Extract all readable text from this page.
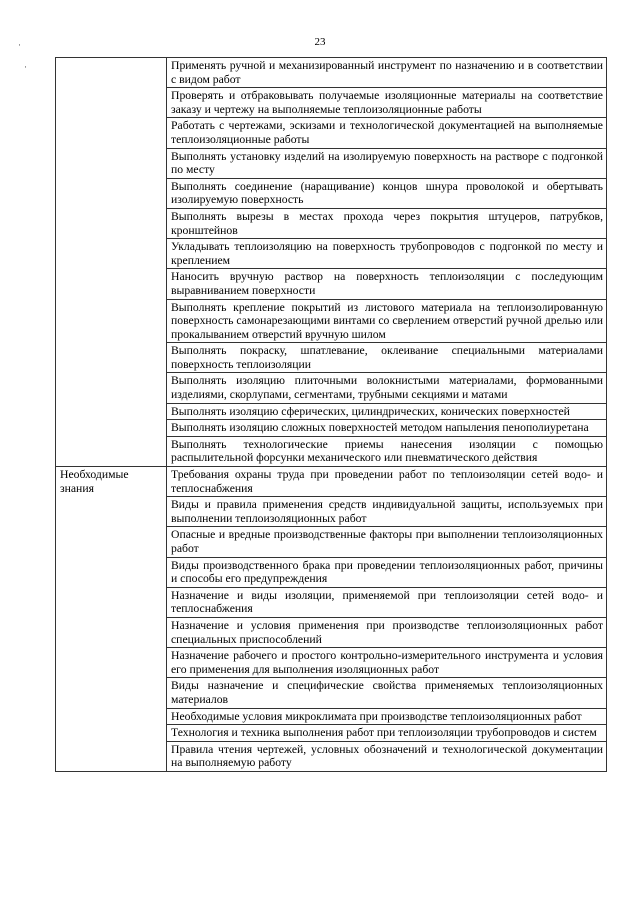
23
·
·
		Применять ручной и механизированный инструмент по назначению и в соответствии с видом работ
	Проверять и отбраковывать получаемые изоляционные материалы на соответствие заказу и чертежу на выполняемые теплоизоляционные работы
	Работать с чертежами, эскизами и технологической документацией на выполняемые теплоизоляционные работы
	Выполнять установку изделий на изолируемую поверхность на растворе с подгонкой по месту
	Выполнять соединение (наращивание) концов шнура проволокой и обертывать изолируемую поверхность
	Выполнять вырезы в местах прохода через покрытия штуцеров, патрубков, кронштейнов
	Укладывать теплоизоляцию на поверхность трубопроводов с подгонкой по месту и креплением
	Наносить вручную раствор на поверхность теплоизоляции с последующим выравниванием поверхности
	Выполнять крепление покрытий из листового материала на теплоизолированную поверхность самонарезающими винтами со сверлением отверстий ручной дрелью или прокалыванием отверстий вручную шилом
	Выполнять покраску, шпатлевание, оклеивание специальными материалами поверхность теплоизоляции
	Выполнять изоляцию плиточными волокнистыми материалами, формованными изделиями, скорлупами, сегментами, трубными секциями и матами
	Выполнять изоляцию сферических, цилиндрических, конических поверхностей
	Выполнять изоляцию сложных поверхностей методом напыления пенополиуретана
	Выполнять технологические приемы нанесения изоляции с помощью распылительной форсунки механического или пневматического действия
Необходимые знания	Требования охраны труда при проведении работ по теплоизоляции сетей водо- и теплоснабжения
	Виды и правила применения средств индивидуальной защиты, используемых при выполнении теплоизоляционных работ
	Опасные и вредные производственные факторы при выполнении теплоизоляционных работ
	Виды производственного брака при проведении теплоизоляционных работ, причины и способы его предупреждения
	Назначение и виды изоляции, применяемой при теплоизоляции сетей водо- и теплоснабжения
	Назначение и условия применения при производстве теплоизоляционных работ специальных приспособлений
	Назначение рабочего и простого контрольно-измерительного инструмента и условия его применения для выполнения изоляционных работ
	Виды назначение и специфические свойства применяемых теплоизоляционных материалов
	Необходимые условия микроклимата при производстве теплоизоляционных работ
	Технология и техника выполнения работ при теплоизоляции трубопроводов и систем
	Правила чтения чертежей, условных обозначений и технологической документации на выполняемую работу
